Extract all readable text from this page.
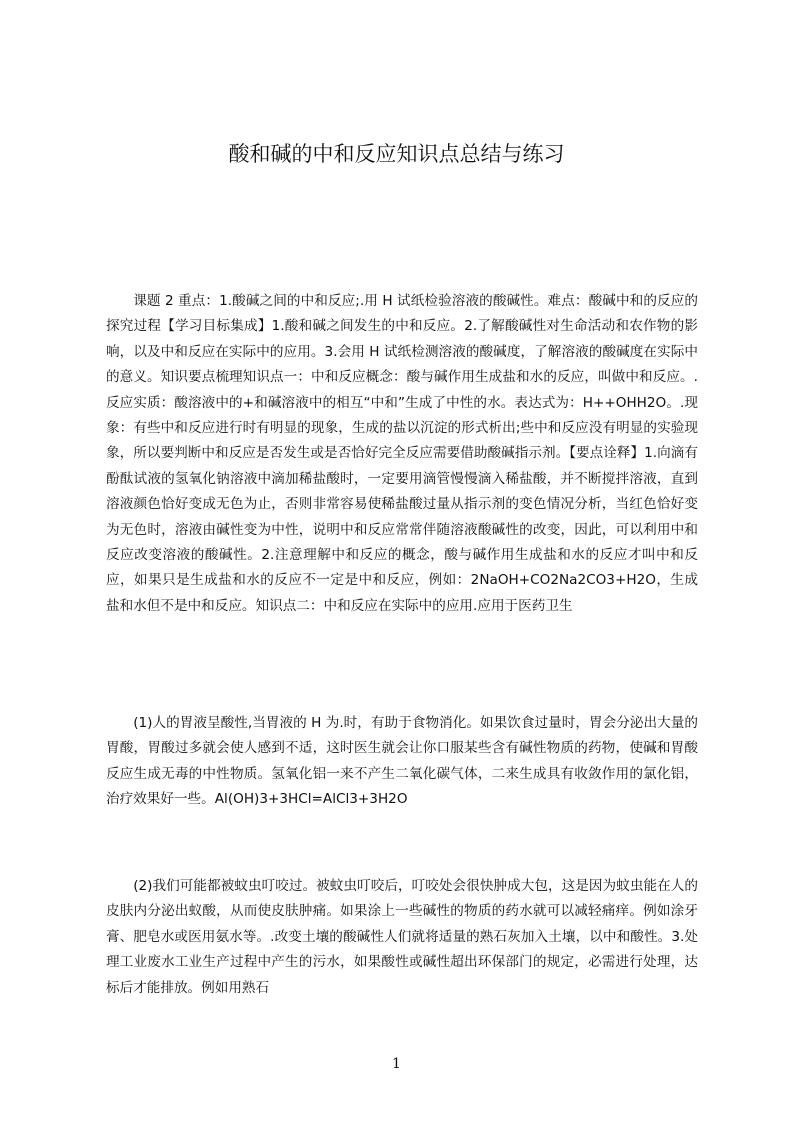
酸和碱的中和反应知识点总结与练习

课题 2 重点：1.酸碱之间的中和反应;.用 H 试纸检验溶液的酸碱性。难点：酸碱中和的反应的探究过程【学习目标集成】1.酸和碱之间发生的中和反应。2.了解酸碱性对生命活动和农作物的影响，以及中和反应在实际中的应用。3.会用 H 试纸检测溶液的酸碱度，了解溶液的酸碱度在实际中的意义。知识要点梳理知识点一：中和反应概念：酸与碱作用生成盐和水的反应，叫做中和反应。.反应实质：酸溶液中的+和碱溶液中的相互“中和”生成了中性的水。表达式为：H++OHH2O。.现象：有些中和反应进行时有明显的现象，生成的盐以沉淀的形式析出;些中和反应没有明显的实验现象，所以要判断中和反应是否发生或是否恰好完全反应需要借助酸碱指示剂。【要点诠释】1.向滴有酚酞试液的氢氧化钠溶液中滴加稀盐酸时，一定要用滴管慢慢滴入稀盐酸，并不断搅拌溶液，直到溶液颜色恰好变成无色为止，否则非常容易使稀盐酸过量从指示剂的变色情况分析，当红色恰好变为无色时，溶液由碱性变为中性，说明中和反应常常伴随溶液酸碱性的改变，因此，可以利用中和反应改变溶液的酸碱性。2.注意理解中和反应的概念，酸与碱作用生成盐和水的反应才叫中和反应，如果只是生成盐和水的反应不一定是中和反应，例如：2NaOH+CO2Na2CO3+H2O，生成盐和水但不是中和反应。知识点二：中和反应在实际中的应用.应用于医药卫生

(1)人的胃液呈酸性,当胃液的 H 为.时，有助于食物消化。如果饮食过量时，胃会分泌出大量的胃酸，胃酸过多就会使人感到不适，这时医生就会让你口服某些含有碱性物质的药物，使碱和胃酸反应生成无毒的中性物质。氢氧化铝一来不产生二氧化碳气体，二来生成具有收敛作用的氯化铝，治疗效果好一些。Al(OH)3+3HCl=AlCl3+3H2O

(2)我们可能都被蚊虫叮咬过。被蚊虫叮咬后，叮咬处会很快肿成大包，这是因为蚊虫能在人的皮肤内分泌出蚁酸，从而使皮肤肿痛。如果涂上一些碱性的物质的药水就可以减轻痛痒。例如涂牙膏、肥皂水或医用氨水等。.改变土壤的酸碱性人们就将适量的熟石灰加入土壤，以中和酸性。3.处理工业废水工业生产过程中产生的污水，如果酸性或碱性超出环保部门的规定，必需进行处理，达标后才能排放。例如用熟石

1
